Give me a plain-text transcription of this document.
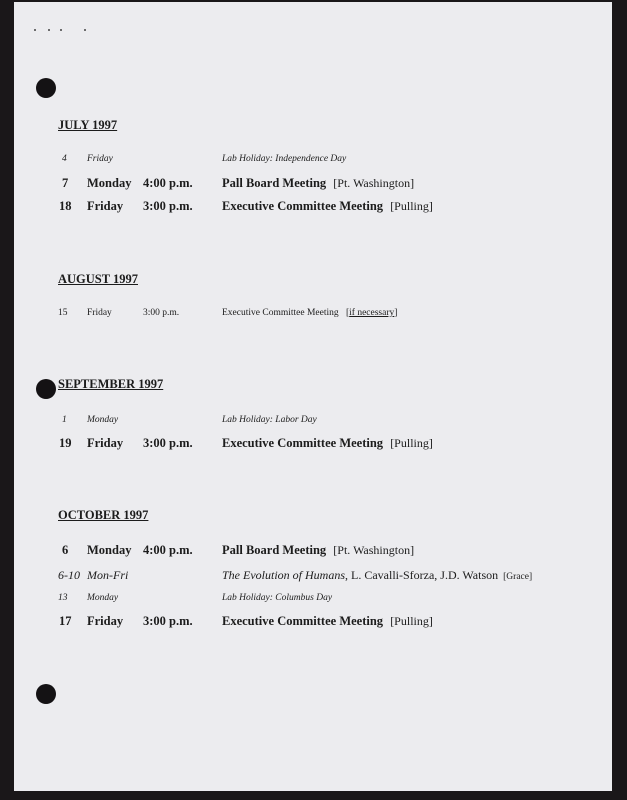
JULY 1997
4 Friday	Lab Holiday: Independence Day
7 Monday 4:00 p.m. Pall Board Meeting [Pt. Washington]
18 Friday 3:00 p.m. Executive Committee Meeting [Pulling]
AUGUST 1997
15 Friday	3:00 p.m.	Executive Committee Meeting [if necessary]
SEPTEMBER 1997
1 Monday	Lab Holiday: Labor Day
19 Friday 3:00 p.m. Executive Committee Meeting [Pulling]
OCTOBER 1997
6 Monday 4:00 p.m. Pall Board Meeting [Pt. Washington]
6-10 Mon-Fri	The Evolution of Humans, L. Cavalli-Sforza, J.D. Watson [Grace]
13 Monday	Lab Holiday: Columbus Day
17 Friday 3:00 p.m. Executive Committee Meeting [Pulling]
